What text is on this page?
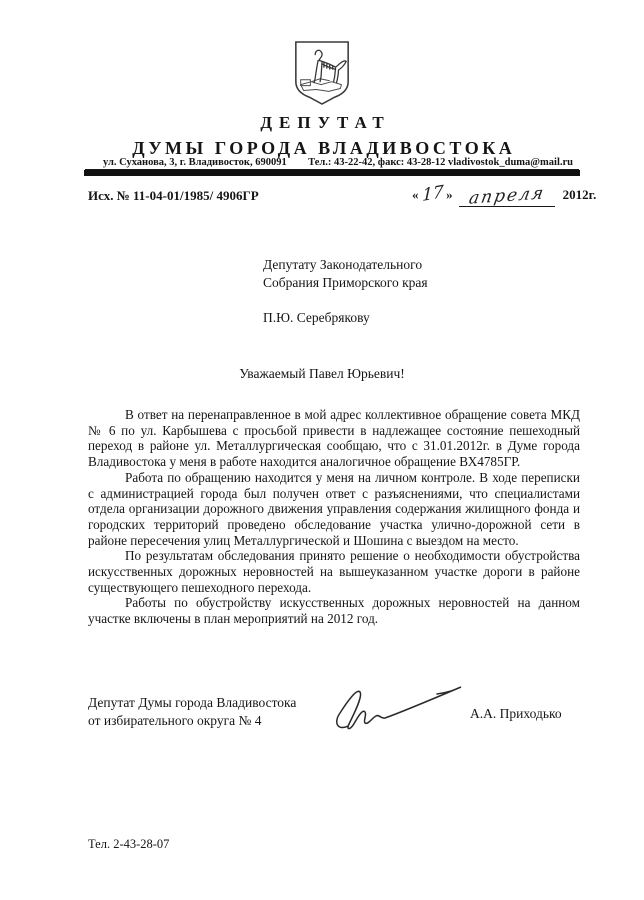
ДЕПУТАТ
ДУМЫ ГОРОДА ВЛАДИВОСТОКА
ул. Суханова, 3, г. Владивосток, 690091 Тел.: 43-22-42, факс: 43-28-12 vladivostok_duma@mail.ru
Исх. № 11-04-01/1985/ 4906ГР	« 17 » апреля	2012г.
Депутату Законодательного
Собрания Приморского края
П.Ю. Серебрякову
Уважаемый Павел Юрьевич!

В ответ на перенаправленное в мой адрес коллективное обращение совета МКД № 6 по ул. Карбышева с просьбой привести в надлежащее состояние пешеходный переход в районе ул. Металлургическая сообщаю, что с 31.01.2012г. в Думе города Владивостока у меня в работе находится аналогичное обращение ВХ4785ГР.

Работа по обращению находится у меня на личном контроле. В ходе переписки с администрацией города был получен ответ с разъяснениями, что специалистами отдела организации дорожного движения управления содержания жилищного фонда и городских территорий проведено обследование участка улично-дорожной сети в районе пересечения улиц Металлургической и Шошина с выездом на место.

По результатам обследования принято решение о необходимости обустройства искусственных дорожных неровностей на вышеуказанном участке дороги в районе существующего пешеходного перехода.

Работы по обустройству искусственных дорожных неровностей на данном участке включены в план мероприятий на 2012 год.

Депутат Думы города Владивостока
от избирательного округа № 4	А.А. Приходько
Тел. 2-43-28-07
